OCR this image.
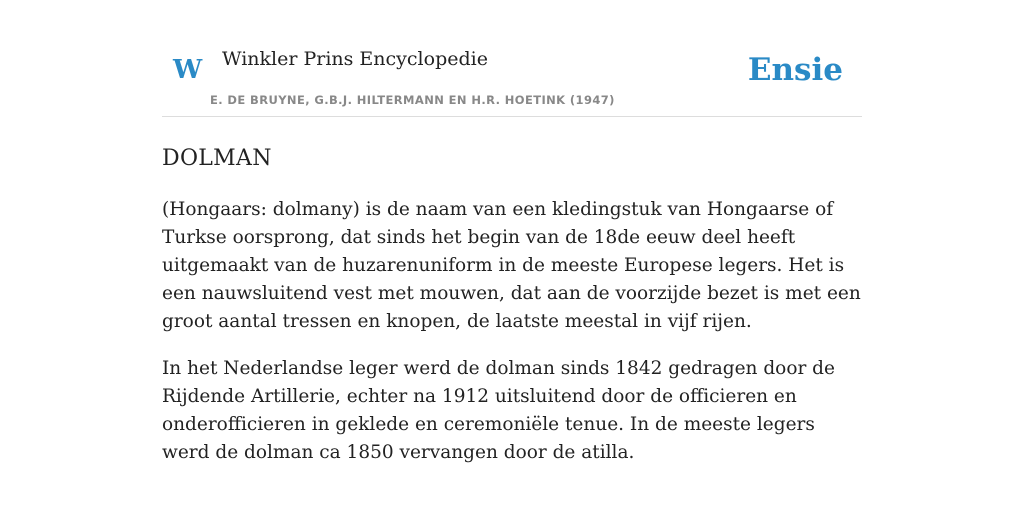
W Winkler Prins Encyclopedie
E. DE BRUYNE, G.B.J. HILTERMANN EN H.R. HOETINK (1947)
Ensie
DOLMAN

(Hongaars: dolmany) is de naam van een kledingstuk van Hongaarse of Turkse oorsprong, dat sinds het begin van de 18de eeuw deel heeft uitgemaakt van de huzarenuniform in de meeste Europese legers. Het is een nauwsluitend vest met mouwen, dat aan de voorzijde bezet is met een groot aantal tressen en knopen, de laatste meestal in vijf rijen.

In het Nederlandse leger werd de dolman sinds 1842 gedragen door de Rijdende Artillerie, echter na 1912 uitsluitend door de officieren en onderofficieren in geklede en ceremoniële tenue. In de meeste legers werd de dolman ca 1850 vervangen door de atilla.
